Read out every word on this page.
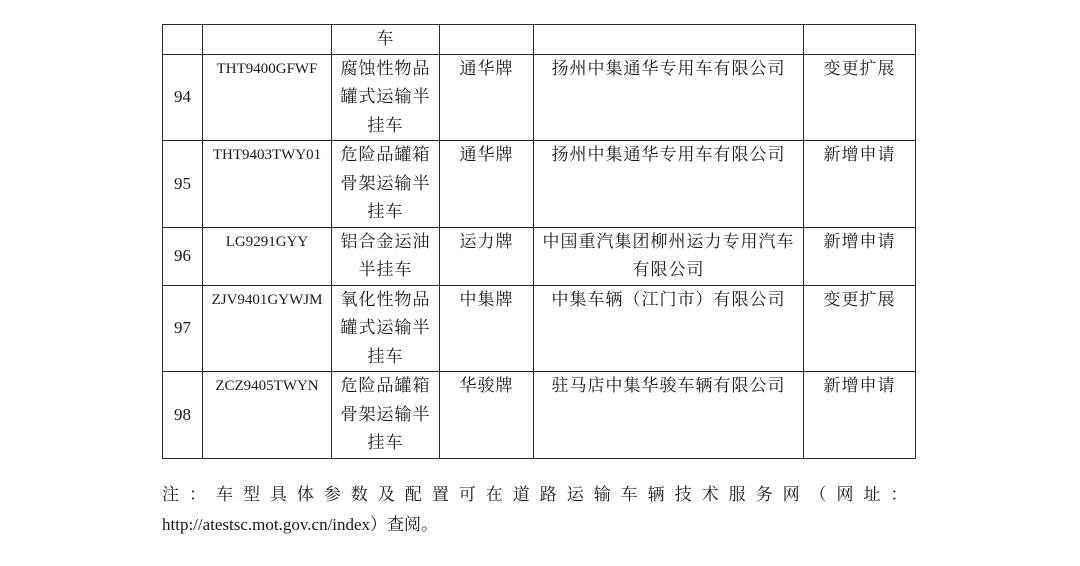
		车			

94	THT9400GFWF	腐蚀性物品
罐式运输半
挂车	通华牌	扬州中集通华专用车有限公司	变更扩展
95	THT9403TWY01	危险品罐箱
骨架运输半
挂车	通华牌	扬州中集通华专用车有限公司	新增申请
96	LG9291GYY	铝合金运油
半挂车	运力牌	中国重汽集团柳州运力专用汽车
有限公司	新增申请
97	ZJV9401GYWJM	氧化性物品
罐式运输半
挂车	中集牌	中集车辆（江门市）有限公司	变更扩展
98	ZCZ9405TWYN	危险品罐箱
骨架运输半
挂车	华骏牌	驻马店中集华骏车辆有限公司	新增申请
注：车型具体参数及配置可在道路运输车辆技术服务网（网址：
http://atestsc.mot.gov.cn/index）查阅。
